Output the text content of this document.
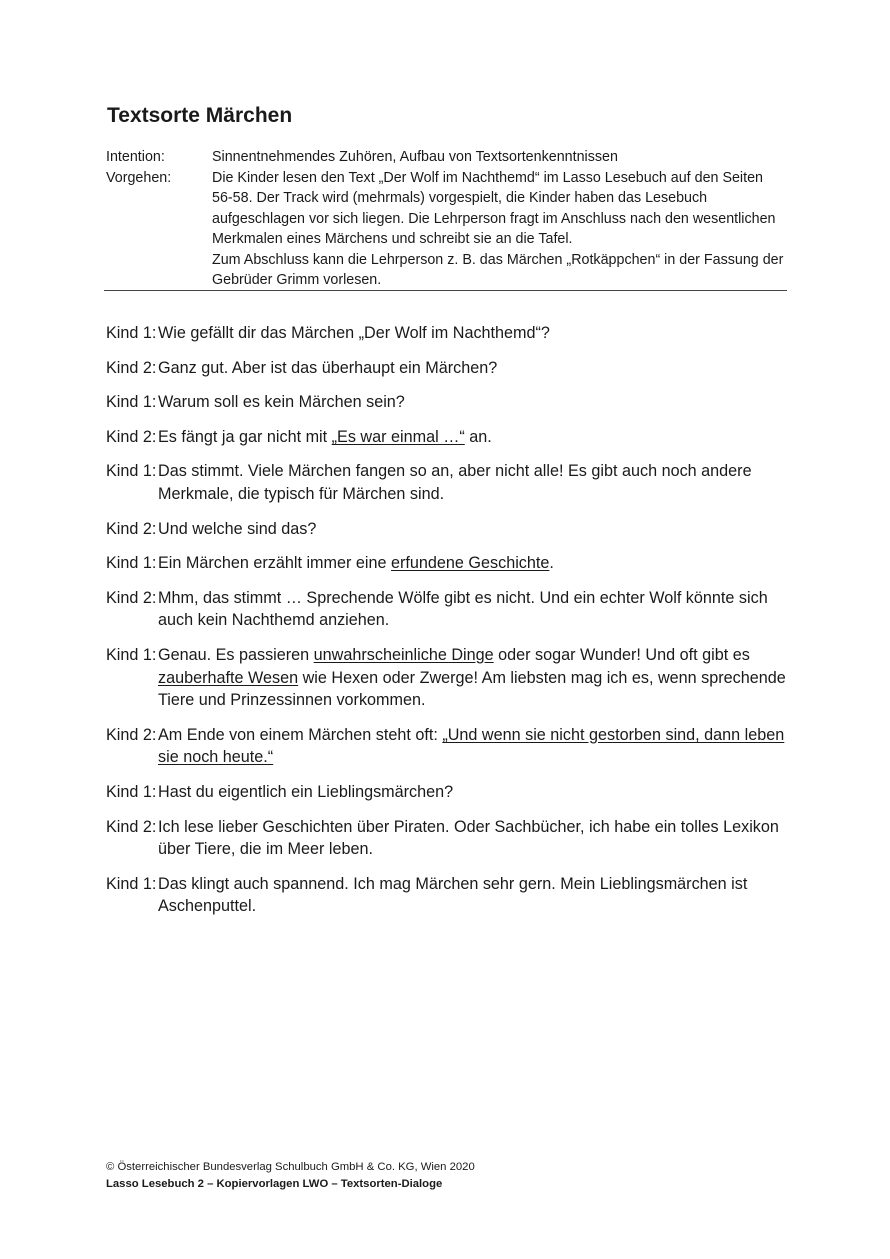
Textsorte Märchen
Intention:	Sinnentnehmendes Zuhören, Aufbau von Textsortenkenntnissen
Vorgehen:	Die Kinder lesen den Text „Der Wolf im Nachthemd“ im Lasso Lesebuch auf den Seiten 56-58. Der Track wird (mehrmals) vorgespielt, die Kinder haben das Lesebuch aufgeschlagen vor sich liegen. Die Lehrperson fragt im Anschluss nach den wesentlichen Merkmalen eines Märchens und schreibt sie an die Tafel.
Zum Abschluss kann die Lehrperson z. B. das Märchen „Rotkäppchen“ in der Fassung der Gebrüder Grimm vorlesen.
Kind 1: Wie gefällt dir das Märchen „Der Wolf im Nachthemd“?
Kind 2: Ganz gut. Aber ist das überhaupt ein Märchen?
Kind 1: Warum soll es kein Märchen sein?
Kind 2: Es fängt ja gar nicht mit „Es war einmal …“ an.
Kind 1: Das stimmt. Viele Märchen fangen so an, aber nicht alle! Es gibt auch noch andere Merkmale, die typisch für Märchen sind.
Kind 2: Und welche sind das?
Kind 1: Ein Märchen erzählt immer eine erfundene Geschichte.
Kind 2: Mhm, das stimmt … Sprechende Wölfe gibt es nicht. Und ein echter Wolf könnte sich auch kein Nachthemd anziehen.
Kind 1: Genau. Es passieren unwahrscheinliche Dinge oder sogar Wunder! Und oft gibt es zauberhafte Wesen wie Hexen oder Zwerge! Am liebsten mag ich es, wenn sprechende Tiere und Prinzessinnen vorkommen.
Kind 2: Am Ende von einem Märchen steht oft: „Und wenn sie nicht gestorben sind, dann leben sie noch heute.“
Kind 1: Hast du eigentlich ein Lieblingsmärchen?
Kind 2: Ich lese lieber Geschichten über Piraten. Oder Sachbücher, ich habe ein tolles Lexikon über Tiere, die im Meer leben.
Kind 1: Das klingt auch spannend. Ich mag Märchen sehr gern. Mein Lieblingsmärchen ist Aschenputtel.
© Österreichischer Bundesverlag Schulbuch GmbH & Co. KG, Wien 2020
Lasso Lesebuch 2 – Kopiervorlagen LWO – Textsorten-Dialoge
